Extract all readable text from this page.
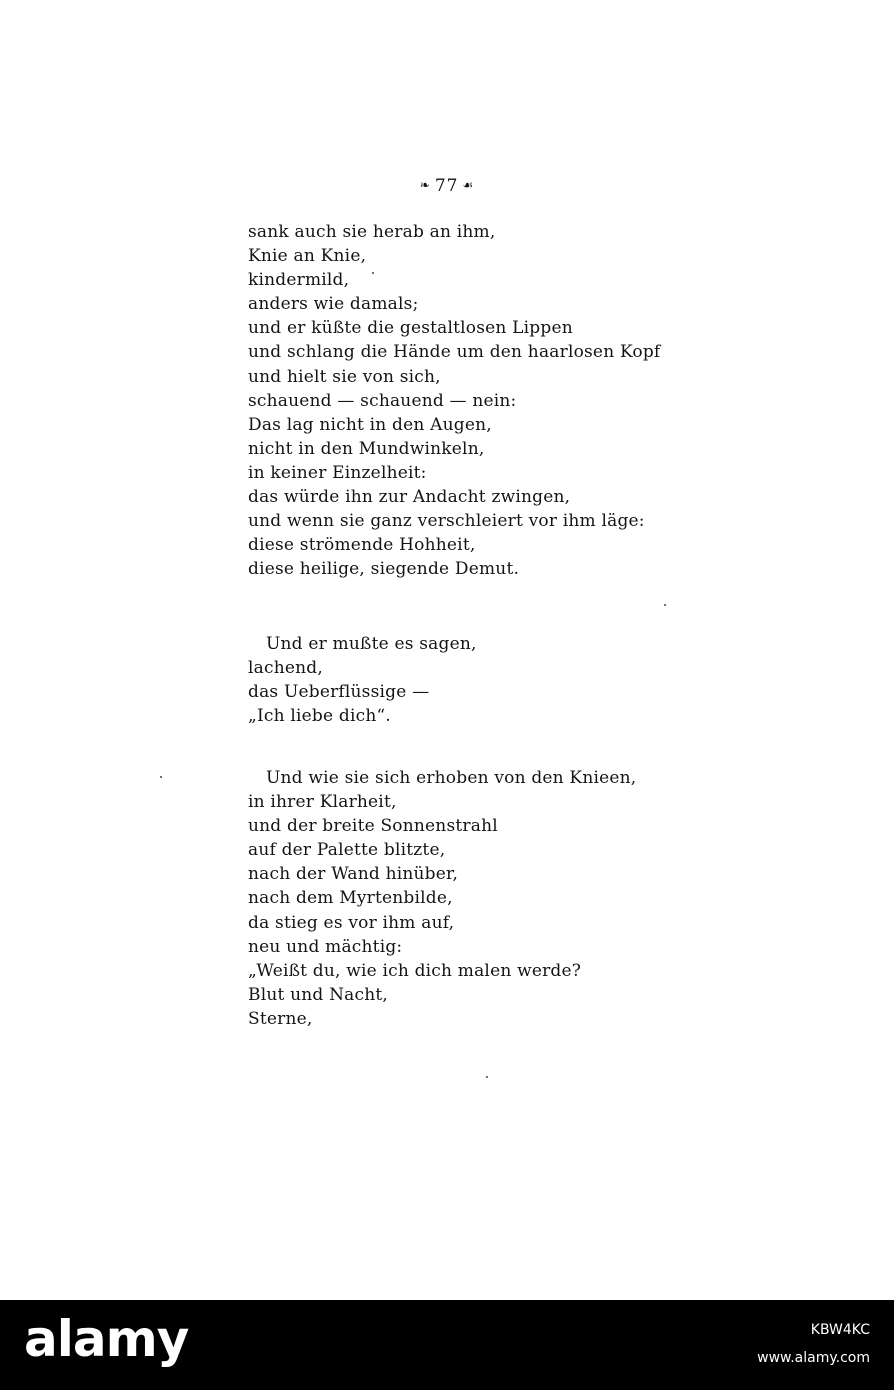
❧ 77 ☙
sank auch sie herab an ihm,
Knie an Knie,
kindermild,
anders wie damals;
und er küßte die gestaltlosen Lippen
und schlang die Hände um den haarlosen Kopf
und hielt sie von sich,
schauend — schauend — nein:
Das lag nicht in den Augen,
nicht in den Mundwinkeln,
in keiner Einzelheit:
das würde ihn zur Andacht zwingen,
und wenn sie ganz verschleiert vor ihm läge:
diese strömende Hohheit,
diese heilige, siegende Demut.
Und er mußte es sagen,
lachend,
das Ueberflüssige —
„Ich liebe dich“.
Und wie sie sich erhoben von den Knieen,
in ihrer Klarheit,
und der breite Sonnenstrahl
auf der Palette blitzte,
nach der Wand hinüber,
nach dem Myrtenbilde,
da stieg es vor ihm auf,
neu und mächtig:
„Weißt du, wie ich dich malen werde?
Blut und Nacht,
Sterne,
alamy	KBW4KC
www.alamy.com
